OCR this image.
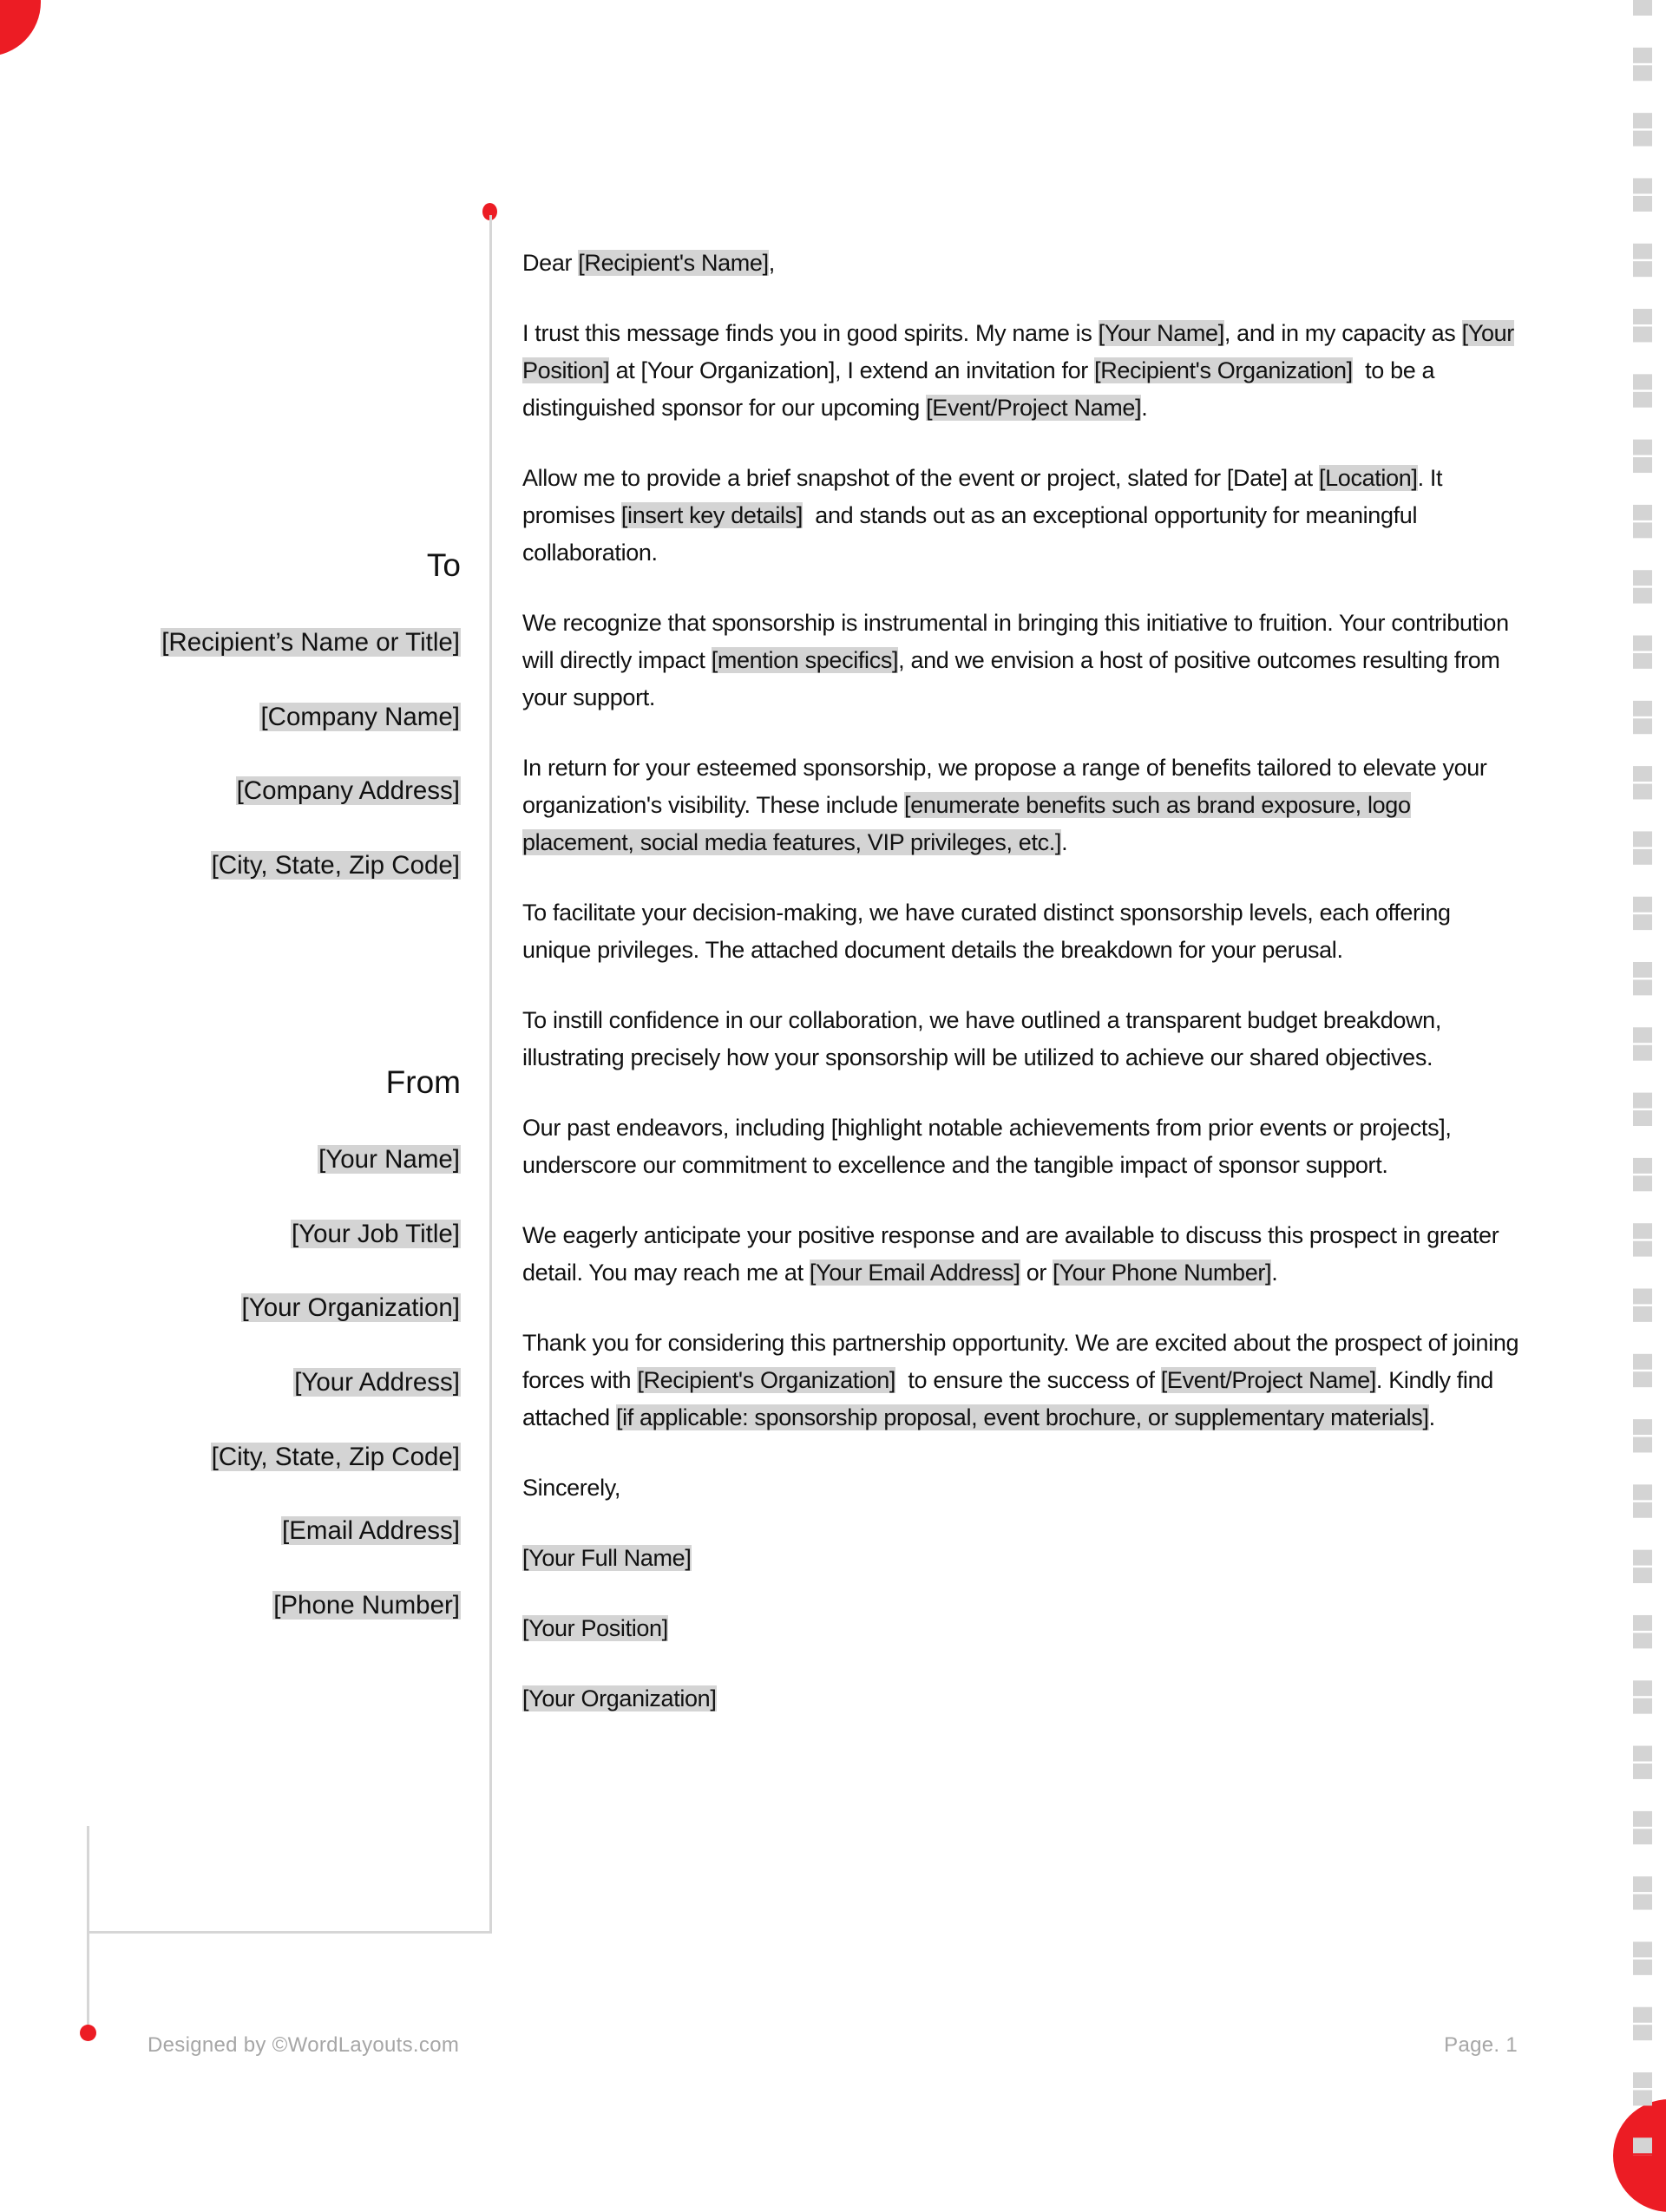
To
[Recipient’s Name or Title]
[Company Name]
[Company Address]
[City, State, Zip Code]
From
[Your Name]
[Your Job Title]
[Your Organization]
[Your Address]
[City, State, Zip Code]
[Email Address]
[Phone Number]

Dear [Recipient's Name],

I trust this message finds you in good spirits. My name is [Your Name], and in my capacity as [Your Position] at [Your Organization], I extend an invitation for [Recipient's Organization]  to be a distinguished sponsor for our upcoming [Event/Project Name].

Allow me to provide a brief snapshot of the event or project, slated for [Date] at [Location]. It promises [insert key details]  and stands out as an exceptional opportunity for meaningful collaboration.

We recognize that sponsorship is instrumental in bringing this initiative to fruition. Your contribution will directly impact [mention specifics], and we envision a host of positive outcomes resulting from your support.

In return for your esteemed sponsorship, we propose a range of benefits tailored to elevate your organization's visibility. These include [enumerate benefits such as brand exposure, logo placement, social media features, VIP privileges, etc.].

To facilitate your decision-making, we have curated distinct sponsorship levels, each offering unique privileges. The attached document details the breakdown for your perusal.

To instill confidence in our collaboration, we have outlined a transparent budget breakdown, illustrating precisely how your sponsorship will be utilized to achieve our shared objectives.

Our past endeavors, including [highlight notable achievements from prior events or projects], underscore our commitment to excellence and the tangible impact of sponsor support.

We eagerly anticipate your positive response and are available to discuss this prospect in greater detail. You may reach me at [Your Email Address] or [Your Phone Number].

Thank you for considering this partnership opportunity. We are excited about the prospect of joining forces with [Recipient's Organization]  to ensure the success of [Event/Project Name]. Kindly find attached [if applicable: sponsorship proposal, event brochure, or supplementary materials].

Sincerely,

[Your Full Name]

[Your Position]

[Your Organization]

Designed by ©WordLayouts.com	Page. 1
